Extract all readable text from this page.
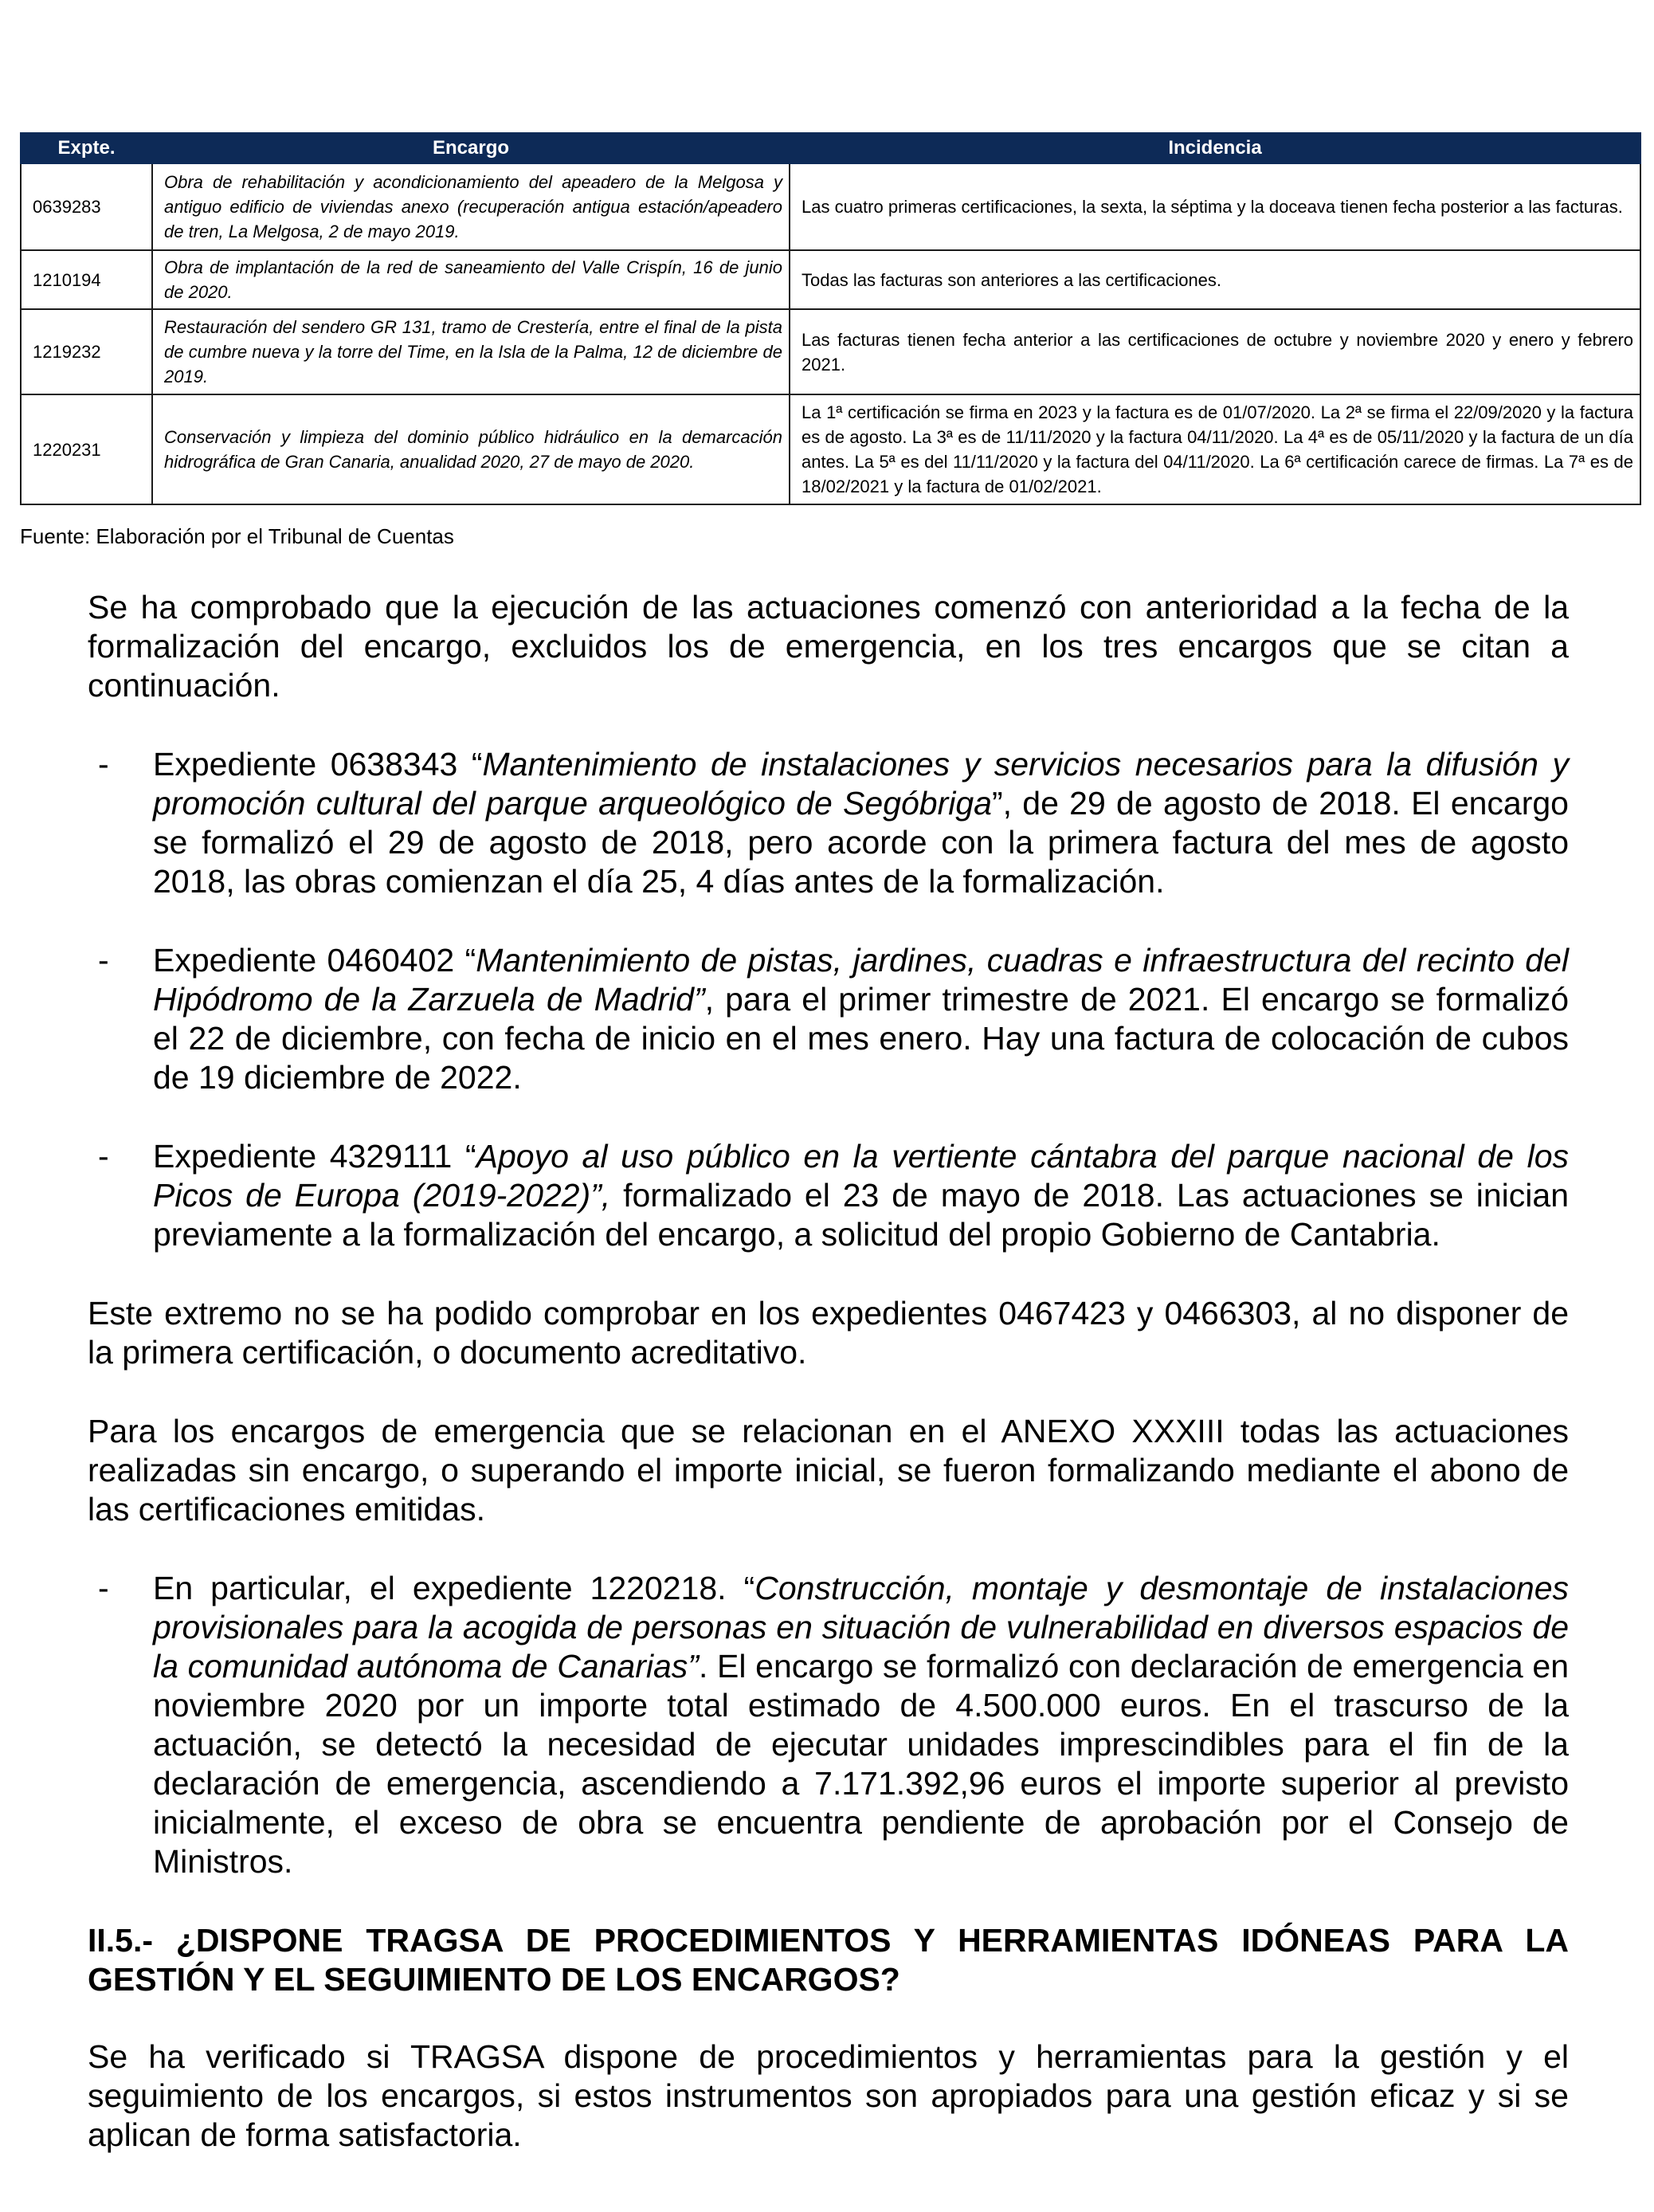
Expte.	Encargo	Incidencia
0639283	Obra de rehabilitación y acondicionamiento del apeadero de la Melgosa y antiguo edificio de viviendas anexo (recuperación antigua estación/apeadero de tren, La Melgosa, 2 de mayo 2019.	Las cuatro primeras certificaciones, la sexta, la séptima y la doceava tienen fecha posterior a las facturas.
1210194	Obra de implantación de la red de saneamiento del Valle Crispín, 16 de junio de 2020.	Todas las facturas son anteriores a las certificaciones.
1219232	Restauración del sendero GR 131, tramo de Crestería, entre el final de la pista de cumbre nueva y la torre del Time, en la Isla de la Palma, 12 de diciembre de 2019.	Las facturas tienen fecha anterior a las certificaciones de octubre y noviembre 2020 y enero y febrero 2021.
1220231	Conservación y limpieza del dominio público hidráulico en la demarcación hidrográfica de Gran Canaria, anualidad 2020, 27 de mayo de 2020.	La 1ª certificación se firma en 2023 y la factura es de 01/07/2020. La 2ª se firma el 22/09/2020 y la factura es de agosto. La 3ª es de 11/11/2020 y la factura 04/11/2020. La 4ª es de 05/11/2020 y la factura de un día antes. La 5ª es del 11/11/2020 y la factura del 04/11/2020. La 6ª certificación carece de firmas. La 7ª es de 18/02/2021 y la factura de 01/02/2021.
Fuente: Elaboración por el Tribunal de Cuentas

Se ha comprobado que la ejecución de las actuaciones comenzó con anterioridad a la fecha de la formalización del encargo, excluidos los de emergencia, en los tres encargos que se citan a continuación.

- Expediente 0638343 “Mantenimiento de instalaciones y servicios necesarios para la difusión y promoción cultural del parque arqueológico de Segóbriga”, de 29 de agosto de 2018. El encargo se formalizó el 29 de agosto de 2018, pero acorde con la primera factura del mes de agosto 2018, las obras comienzan el día 25, 4 días antes de la formalización.
- Expediente 0460402 “Mantenimiento de pistas, jardines, cuadras e infraestructura del recinto del Hipódromo de la Zarzuela de Madrid”, para el primer trimestre de 2021. El encargo se formalizó el 22 de diciembre, con fecha de inicio en el mes enero. Hay una factura de colocación de cubos de 19 diciembre de 2022.
- Expediente 4329111 “Apoyo al uso público en la vertiente cántabra del parque nacional de los Picos de Europa (2019-2022)”, formalizado el 23 de mayo de 2018. Las actuaciones se inician previamente a la formalización del encargo, a solicitud del propio Gobierno de Cantabria.

Este extremo no se ha podido comprobar en los expedientes 0467423 y 0466303, al no disponer de la primera certificación, o documento acreditativo.

Para los encargos de emergencia que se relacionan en el ANEXO XXXIII todas las actuaciones realizadas sin encargo, o superando el importe inicial, se fueron formalizando mediante el abono de las certificaciones emitidas.

- En particular, el expediente 1220218. “Construcción, montaje y desmontaje de instalaciones provisionales para la acogida de personas en situación de vulnerabilidad en diversos espacios de la comunidad autónoma de Canarias”. El encargo se formalizó con declaración de emergencia en noviembre 2020 por un importe total estimado de 4.500.000 euros. En el trascurso de la actuación, se detectó la necesidad de ejecutar unidades imprescindibles para el fin de la declaración de emergencia, ascendiendo a 7.171.392,96 euros el importe superior al previsto inicialmente, el exceso de obra se encuentra pendiente de aprobación por el Consejo de Ministros.
II.5.- ¿DISPONE TRAGSA DE PROCEDIMIENTOS Y HERRAMIENTAS IDÓNEAS PARA LA GESTIÓN Y EL SEGUIMIENTO DE LOS ENCARGOS?

Se ha verificado si TRAGSA dispone de procedimientos y herramientas para la gestión y el seguimiento de los encargos, si estos instrumentos son apropiados para una gestión eficaz y si se aplican de forma satisfactoria.
